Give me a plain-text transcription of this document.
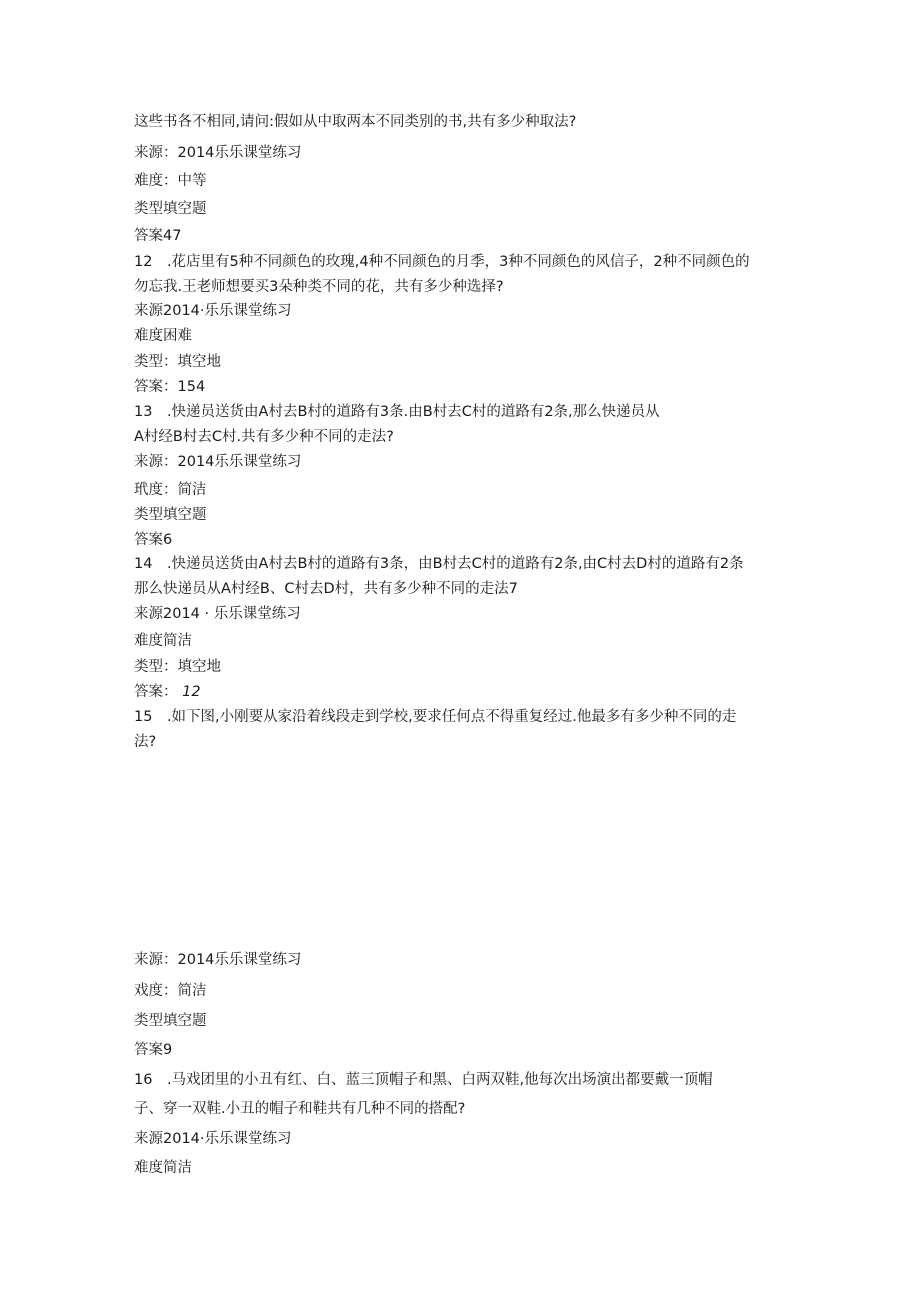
这些书各不相同,请问:假如从中取两本不同类别的书,共有多少种取法?
来源：2014乐乐课堂练习
难度：中等
类型填空题
答案47
12　.花店里有5种不同颜色的玫瑰,4种不同颜色的月季，3种不同颜色的风信子，2种不同颜色的
勿忘我.王老师想要买3朵种类不同的花，共有多少种选择?
来源2014·乐乐课堂练习
难度困难
类型：填空地
答案：154
13　.快递员送货由A村去B村的道路有3条.由B村去C村的道路有2条,那么快递员从
A村经B村去C村.共有多少种不同的走法?
来源：2014乐乐课堂练习
玳度：简洁
类型填空题
答案6
14　.快递员送货由A村去B村的道路有3条，由B村去C村的道路有2条,由C村去D村的道路有2条
那么快递员从A村经B、C村去D村，共有多少种不同的走法7
来源2014 · 乐乐课堂练习
难度简洁
类型：填空地
答案： 12
15　.如下图,小刚要从家沿着线段走到学校,要求任何点不得重复经过.他最多有多少种不同的走
法?
来源：2014乐乐课堂练习
戏度：简洁
类型填空题
答案9
16　.马戏团里的小丑有红、白、蓝三顶帽子和黑、白两双鞋,他每次出场演出都要戴一顶帽
子、穿一双鞋.小丑的帽子和鞋共有几种不同的搭配?
来源2014·乐乐课堂练习
难度简洁
